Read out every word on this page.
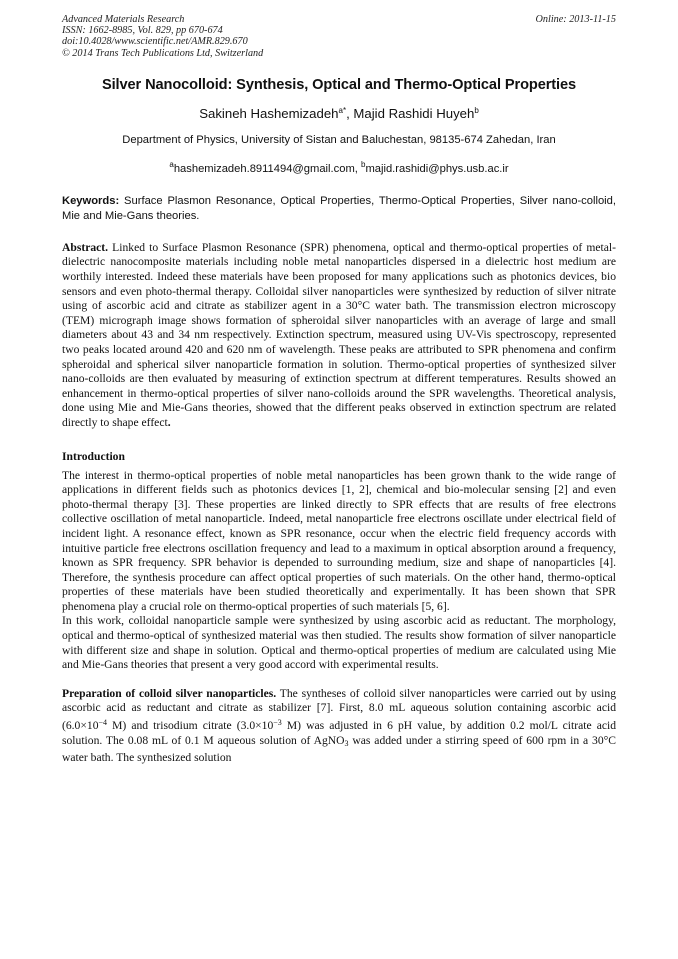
Advanced Materials Research
ISSN: 1662-8985, Vol. 829, pp 670-674
doi:10.4028/www.scientific.net/AMR.829.670
© 2014 Trans Tech Publications Ltd, Switzerland
Online: 2013-11-15
Silver Nanocolloid: Synthesis, Optical and Thermo-Optical Properties
Sakineh Hashemizadeh$^{a*}$, Majid Rashidi Huyeh$^b$
Department of Physics, University of Sistan and Baluchestan, 98135-674 Zahedan, Iran
$^a$hashemizadeh.8911494@gmail.com, $^b$majid.rashidi@phys.usb.ac.ir
Keywords: Surface Plasmon Resonance, Optical Properties, Thermo-Optical Properties, Silver nano-colloid, Mie and Mie-Gans theories.

Abstract. Linked to Surface Plasmon Resonance (SPR) phenomena, optical and thermo-optical properties of metal-dielectric nanocomposite materials including noble metal nanoparticles dispersed in a dielectric host medium are worthily interested. Indeed these materials have been proposed for many applications such as photonics devices, bio sensors and even photo-thermal therapy. Colloidal silver nanoparticles were synthesized by reduction of silver nitrate using of ascorbic acid and citrate as stabilizer agent in a 30°C water bath. The transmission electron microscopy (TEM) micrograph image shows formation of spheroidal silver nanoparticles with an average of large and small diameters about 43 and 34 nm respectively. Extinction spectrum, measured using UV-Vis spectroscopy, represented two peaks located around 420 and 620 nm of wavelength. These peaks are attributed to SPR phenomena and confirm spheroidal and spherical silver nanoparticle formation in solution. Thermo-optical properties of synthesized silver nano-colloids are then evaluated by measuring of extinction spectrum at different temperatures. Results showed an enhancement in thermo-optical properties of silver nano-colloids around the SPR wavelengths. Theoretical analysis, done using Mie and Mie-Gans theories, showed that the different peaks observed in extinction spectrum are related directly to shape effect.

Introduction

The interest in thermo-optical properties of noble metal nanoparticles has been grown thank to the wide range of applications in different fields such as photonics devices [1, 2], chemical and bio-molecular sensing [2] and even photo-thermal therapy [3]. These properties are linked directly to SPR effects that are results of free electrons collective oscillation of metal nanoparticle. Indeed, metal nanoparticle free electrons oscillate under electrical field of incident light. A resonance effect, known as SPR resonance, occur when the electric field frequency accords with intuitive particle free electrons oscillation frequency and lead to a maximum in optical absorption around a frequency, known as SPR frequency. SPR behavior is depended to surrounding medium, size and shape of nanoparticles [4]. Therefore, the synthesis procedure can affect optical properties of such materials. On the other hand, thermo-optical properties of these materials have been studied theoretically and experimentally. It has been shown that SPR phenomena play a crucial role on thermo-optical properties of such materials [5, 6].

In this work, colloidal nanoparticle sample were synthesized by using ascorbic acid as reductant. The morphology, optical and thermo-optical of synthesized material was then studied. The results show formation of silver nanoparticle with different size and shape in solution. Optical and thermo-optical properties of medium are calculated using Mie and Mie-Gans theories that present a very good accord with experimental results.

Preparation of colloid silver nanoparticles. The syntheses of colloid silver nanoparticles were carried out by using ascorbic acid as reductant and citrate as stabilizer [7]. First, 8.0 mL aqueous solution containing ascorbic acid ($6.0\times 10^{-4}$ M) and trisodium citrate ($3.0\times 10^{-3}$ M) was adjusted in 6 pH value, by addition 0.2 mol/L citrate acid solution. The 0.08 mL of 0.1 M aqueous solution of AgNO$_3$ was added under a stirring speed of 600 rpm in a 30°C water bath. The synthesized solution
